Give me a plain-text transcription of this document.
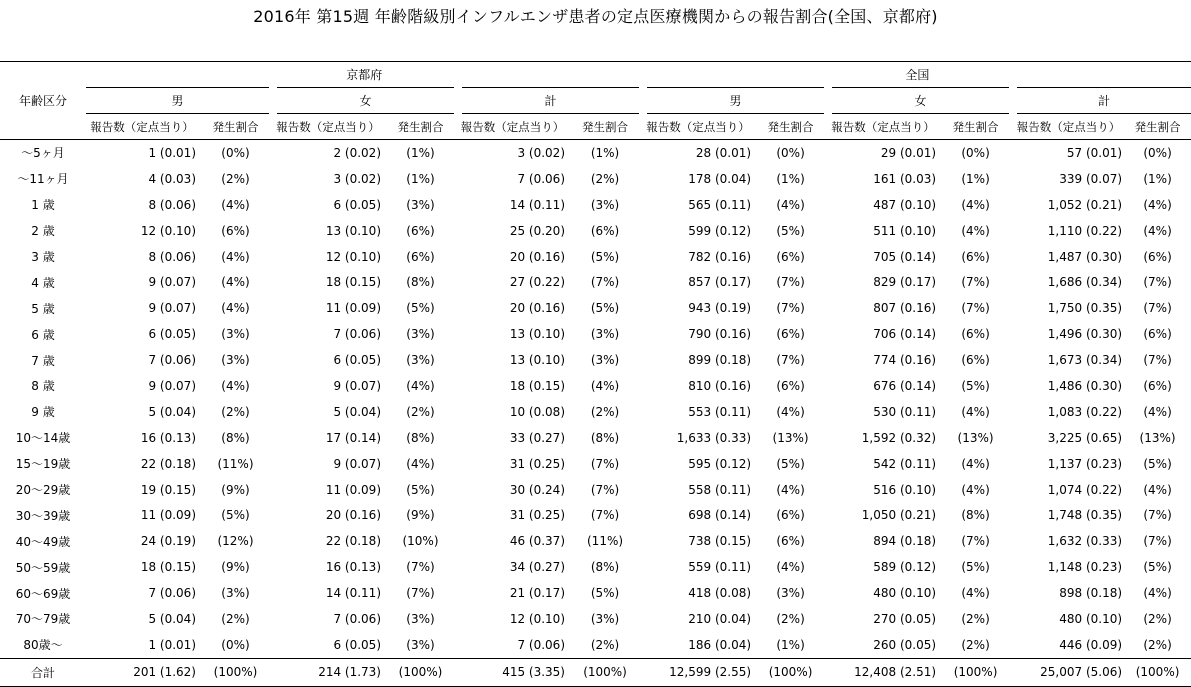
2016年 第15週 年齢階級別インフルエンザ患者の定点医療機関からの報告割合(全国、京都府)
	京都府						全国					
年齢区分	男		女		計		男		女		計	
	報告数（定点当り）	発生割合	報告数（定点当り）	発生割合	報告数（定点当り）	発生割合	報告数（定点当り）	発生割合	報告数（定点当り）	発生割合	報告数（定点当り）	発生割合
～5ヶ月	1 (0.01)	(0%)	2 (0.02)	(1%)	3 (0.02)	(1%)	28 (0.01)	(0%)	29 (0.01)	(0%)	57 (0.01)	(0%)
～11ヶ月	4 (0.03)	(2%)	3 (0.02)	(1%)	7 (0.06)	(2%)	178 (0.04)	(1%)	161 (0.03)	(1%)	339 (0.07)	(1%)
1 歳	8 (0.06)	(4%)	6 (0.05)	(3%)	14 (0.11)	(3%)	565 (0.11)	(4%)	487 (0.10)	(4%)	1,052 (0.21)	(4%)
2 歳	12 (0.10)	(6%)	13 (0.10)	(6%)	25 (0.20)	(6%)	599 (0.12)	(5%)	511 (0.10)	(4%)	1,110 (0.22)	(4%)
3 歳	8 (0.06)	(4%)	12 (0.10)	(6%)	20 (0.16)	(5%)	782 (0.16)	(6%)	705 (0.14)	(6%)	1,487 (0.30)	(6%)
4 歳	9 (0.07)	(4%)	18 (0.15)	(8%)	27 (0.22)	(7%)	857 (0.17)	(7%)	829 (0.17)	(7%)	1,686 (0.34)	(7%)
5 歳	9 (0.07)	(4%)	11 (0.09)	(5%)	20 (0.16)	(5%)	943 (0.19)	(7%)	807 (0.16)	(7%)	1,750 (0.35)	(7%)
6 歳	6 (0.05)	(3%)	7 (0.06)	(3%)	13 (0.10)	(3%)	790 (0.16)	(6%)	706 (0.14)	(6%)	1,496 (0.30)	(6%)
7 歳	7 (0.06)	(3%)	6 (0.05)	(3%)	13 (0.10)	(3%)	899 (0.18)	(7%)	774 (0.16)	(6%)	1,673 (0.34)	(7%)
8 歳	9 (0.07)	(4%)	9 (0.07)	(4%)	18 (0.15)	(4%)	810 (0.16)	(6%)	676 (0.14)	(5%)	1,486 (0.30)	(6%)
9 歳	5 (0.04)	(2%)	5 (0.04)	(2%)	10 (0.08)	(2%)	553 (0.11)	(4%)	530 (0.11)	(4%)	1,083 (0.22)	(4%)
10～14歳	16 (0.13)	(8%)	17 (0.14)	(8%)	33 (0.27)	(8%)	1,633 (0.33)	(13%)	1,592 (0.32)	(13%)	3,225 (0.65)	(13%)
15～19歳	22 (0.18)	(11%)	9 (0.07)	(4%)	31 (0.25)	(7%)	595 (0.12)	(5%)	542 (0.11)	(4%)	1,137 (0.23)	(5%)
20～29歳	19 (0.15)	(9%)	11 (0.09)	(5%)	30 (0.24)	(7%)	558 (0.11)	(4%)	516 (0.10)	(4%)	1,074 (0.22)	(4%)
30～39歳	11 (0.09)	(5%)	20 (0.16)	(9%)	31 (0.25)	(7%)	698 (0.14)	(6%)	1,050 (0.21)	(8%)	1,748 (0.35)	(7%)
40～49歳	24 (0.19)	(12%)	22 (0.18)	(10%)	46 (0.37)	(11%)	738 (0.15)	(6%)	894 (0.18)	(7%)	1,632 (0.33)	(7%)
50～59歳	18 (0.15)	(9%)	16 (0.13)	(7%)	34 (0.27)	(8%)	559 (0.11)	(4%)	589 (0.12)	(5%)	1,148 (0.23)	(5%)
60～69歳	7 (0.06)	(3%)	14 (0.11)	(7%)	21 (0.17)	(5%)	418 (0.08)	(3%)	480 (0.10)	(4%)	898 (0.18)	(4%)
70～79歳	5 (0.04)	(2%)	7 (0.06)	(3%)	12 (0.10)	(3%)	210 (0.04)	(2%)	270 (0.05)	(2%)	480 (0.10)	(2%)
80歳～	1 (0.01)	(0%)	6 (0.05)	(3%)	7 (0.06)	(2%)	186 (0.04)	(1%)	260 (0.05)	(2%)	446 (0.09)	(2%)
合計	201 (1.62)	(100%)	214 (1.73)	(100%)	415 (3.35)	(100%)	12,599 (2.55)	(100%)	12,408 (2.51)	(100%)	25,007 (5.06)	(100%)
